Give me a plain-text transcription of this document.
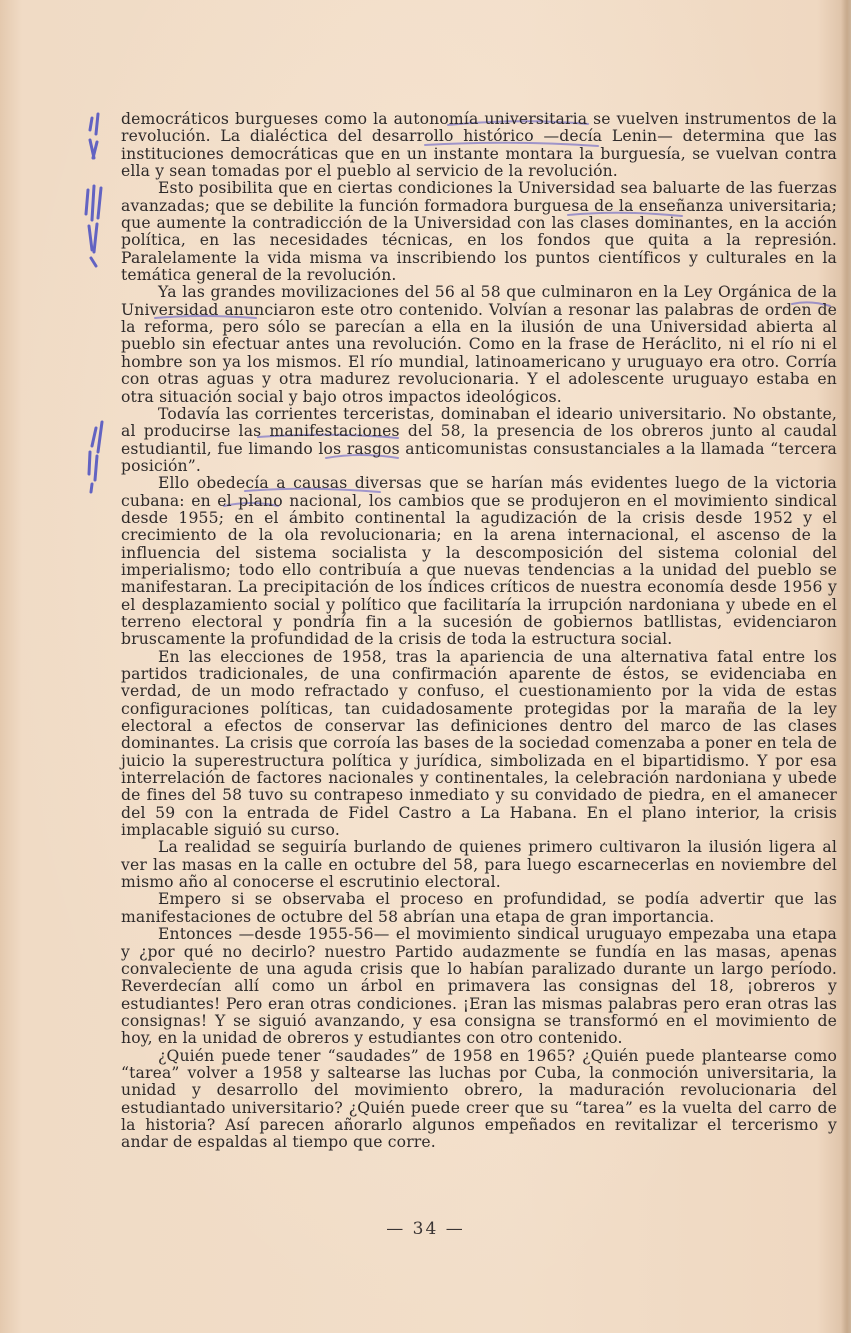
democráticos burgueses como la autonomía universitaria se vuelven instrumentos de la revolución. La dialéctica del desarrollo histórico —decía Lenin— determina que las instituciones democráticas que en un instante montara la burguesía, se vuelvan contra ella y sean tomadas por el pueblo al servicio de la revolución.

Esto posibilita que en ciertas condiciones la Universidad sea baluarte de las fuerzas avanzadas; que se debilite la función formadora burguesa de la enseñanza universitaria; que aumente la contradicción de la Universidad con las clases dominantes, en la acción política, en las necesidades técnicas, en los fondos que quita a la represión. Paralelamente la vida misma va inscribiendo los puntos científicos y culturales en la temática general de la revolución.

Ya las grandes movilizaciones del 56 al 58 que culminaron en la Ley Orgánica de la Universidad anunciaron este otro contenido. Volvían a resonar las palabras de orden de la reforma, pero sólo se parecían a ella en la ilusión de una Universidad abierta al pueblo sin efectuar antes una revolución. Como en la frase de Heráclito, ni el río ni el hombre son ya los mismos. El río mundial, latinoamericano y uruguayo era otro. Corría con otras aguas y otra madurez revolucionaria. Y el adolescente uruguayo estaba en otra situación social y bajo otros impactos ideológicos.

Todavía las corrientes terceristas, dominaban el ideario universitario. No obstante, al producirse las manifestaciones del 58, la presencia de los obreros junto al caudal estudiantil, fue limando los rasgos anticomunistas consustanciales a la llamada “tercera posición”.

Ello obedecía a causas diversas que se harían más evidentes luego de la victoria cubana: en el plano nacional, los cambios que se produjeron en el movimiento sindical desde 1955; en el ámbito continental la agudización de la crisis desde 1952 y el crecimiento de la ola revolucionaria; en la arena internacional, el ascenso de la influencia del sistema socialista y la descomposición del sistema colonial del imperialismo; todo ello contribuía a que nuevas tendencias a la unidad del pueblo se manifestaran. La precipitación de los índices críticos de nuestra economía desde 1956 y el desplazamiento social y político que facilitaría la irrupción nardoniana y ubede en el terreno electoral y pondría fin a la sucesión de gobiernos batllistas, evidenciaron bruscamente la profundidad de la crisis de toda la estructura social.

En las elecciones de 1958, tras la apariencia de una alternativa fatal entre los partidos tradicionales, de una confirmación aparente de éstos, se evidenciaba en verdad, de un modo refractado y confuso, el cuestionamiento por la vida de estas configuraciones políticas, tan cuidadosamente protegidas por la maraña de la ley electoral a efectos de conservar las definiciones dentro del marco de las clases dominantes. La crisis que corroía las bases de la sociedad comenzaba a poner en tela de juicio la superestructura política y jurídica, simbolizada en el bipartidismo. Y por esa interrelación de factores nacionales y continentales, la celebración nardoniana y ubede de fines del 58 tuvo su contrapeso inmediato y su convidado de piedra, en el amanecer del 59 con la entrada de Fidel Castro a La Habana. En el plano interior, la crisis implacable siguió su curso.

La realidad se seguiría burlando de quienes primero cultivaron la ilusión ligera al ver las masas en la calle en octubre del 58, para luego escarnecerlas en noviembre del mismo año al conocerse el escrutinio electoral.

Empero si se observaba el proceso en profundidad, se podía advertir que las manifestaciones de octubre del 58 abrían una etapa de gran importancia.

Entonces —desde 1955-56— el movimiento sindical uruguayo empezaba una etapa y ¿por qué no decirlo? nuestro Partido audazmente se fundía en las masas, apenas convaleciente de una aguda crisis que lo habían paralizado durante un largo período. Reverdecían allí como un árbol en primavera las consignas del 18, ¡obreros y estudiantes! Pero eran otras condiciones. ¡Eran las mismas palabras pero eran otras las consignas! Y se siguió avanzando, y esa consigna se transformó en el movimiento de hoy, en la unidad de obreros y estudiantes con otro contenido.

¿Quién puede tener “saudades” de 1958 en 1965? ¿Quién puede plantearse como “tarea” volver a 1958 y saltearse las luchas por Cuba, la conmoción universitaria, la unidad y desarrollo del movimiento obrero, la maduración revolucionaria del estudiantado universitario? ¿Quién puede creer que su “tarea” es la vuelta del carro de la historia? Así parecen añorarlo algunos empeñados en revitalizar el tercerismo y andar de espaldas al tiempo que corre.

— 34 —
